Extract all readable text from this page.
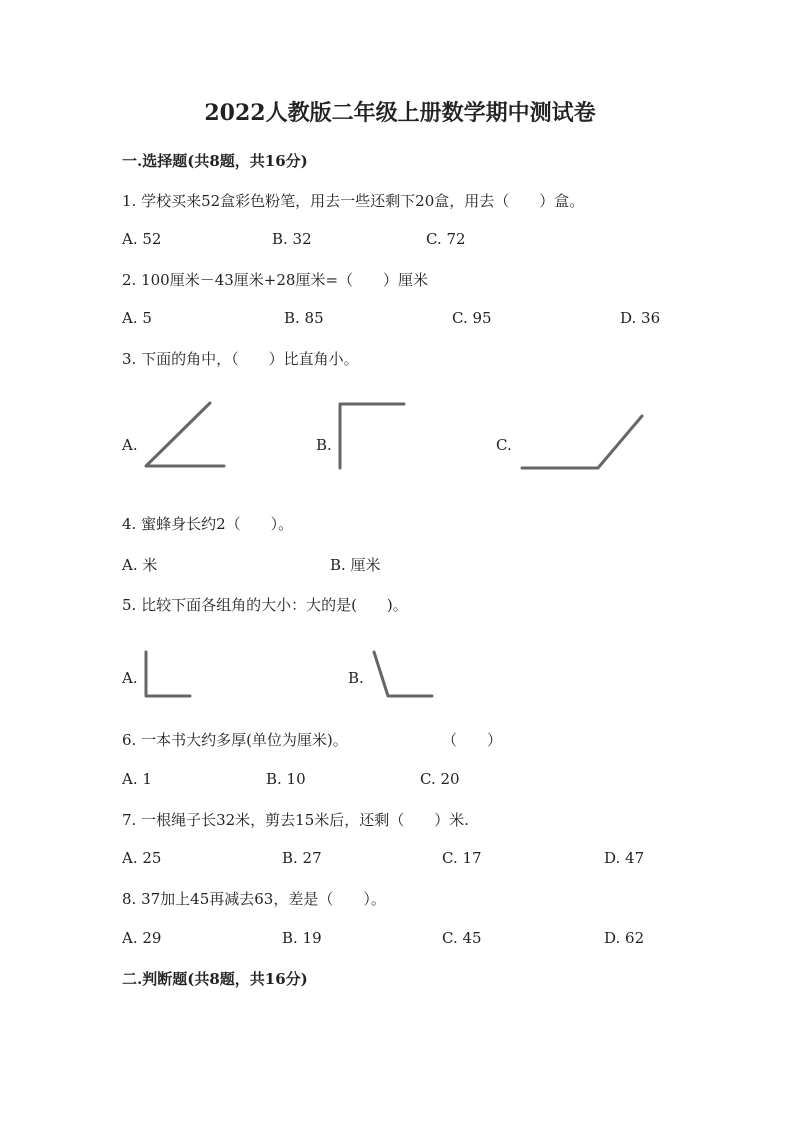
2022人教版二年级上册数学期中测试卷
一.选择题(共8题，共16分)
1. 学校买来52盒彩色粉笔，用去一些还剩下20盒，用去（　　）盒。
A. 52	B. 32	C. 72
2. 100厘米－43厘米+28厘米=（　　）厘米
A. 5	B. 85	C. 95	D. 36
3. 下面的角中，（　　）比直角小。
A.	B.	C.
4. 蜜蜂身长约2（　　）。
A. 米	B. 厘米
5. 比较下面各组角的大小：大的是(　　)。
A.	B.
6. 一本书大约多厚(单位为厘米)。	（　　）
A. 1	B. 10	C. 20
7. 一根绳子长32米，剪去15米后，还剩（　　）米.
A. 25	B. 27	C. 17	D. 47
8. 37加上45再减去63，差是（　　）。
A. 29	B. 19	C. 45	D. 62
二.判断题(共8题，共16分)
